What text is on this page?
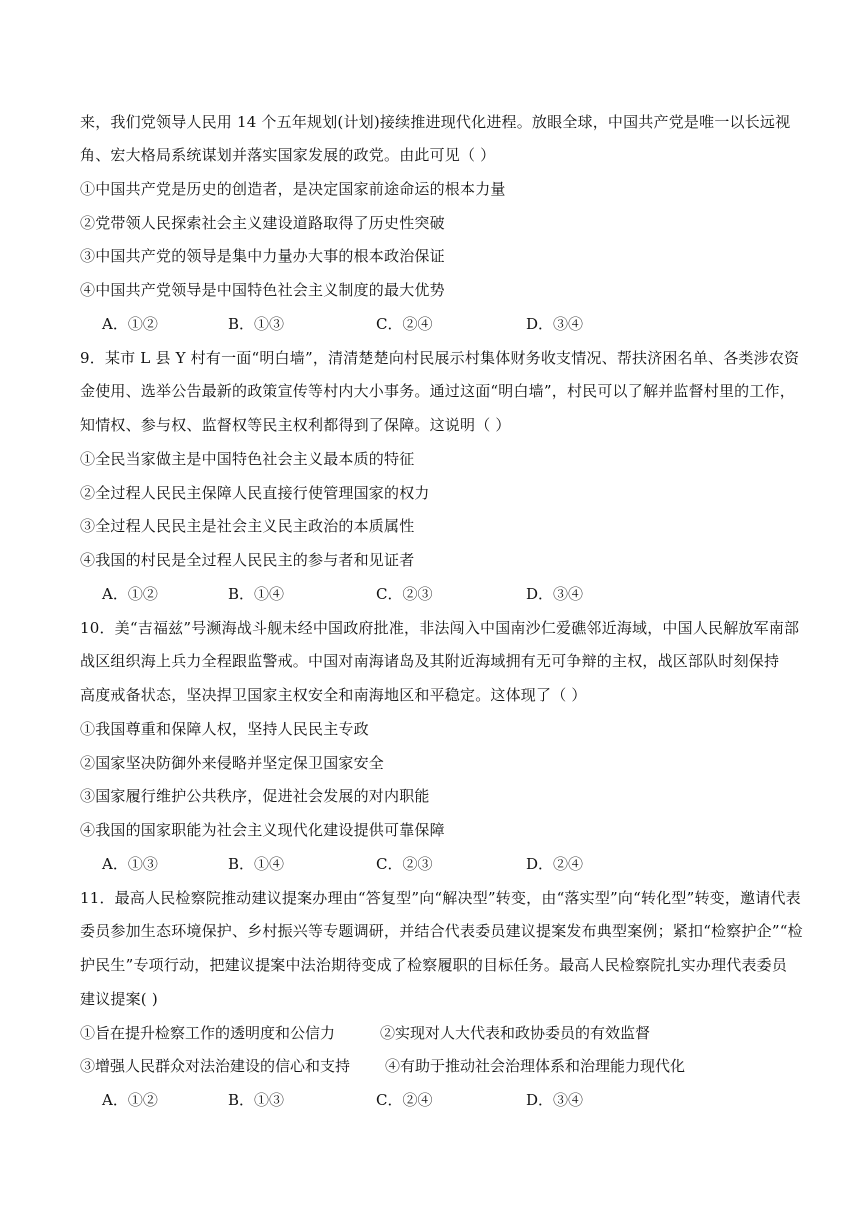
来，我们党领导人民用 14 个五年规划(计划)接续推进现代化进程。放眼全球，中国共产党是唯一以长远视
角、宏大格局系统谋划并落实国家发展的政党。由此可见（ ）
①中国共产党是历史的创造者，是决定国家前途命运的根本力量
②党带领人民探索社会主义建设道路取得了历史性突破
③中国共产党的领导是集中力量办大事的根本政治保证
④中国共产党领导是中国特色社会主义制度的最大优势
A．①②	B．①③	C．②④	D．③④
9．某市 L 县 Y 村有一面“明白墙”，清清楚楚向村民展示村集体财务收支情况、帮扶济困名单、各类涉农资
金使用、选举公告最新的政策宣传等村内大小事务。通过这面“明白墙”，村民可以了解并监督村里的工作，
知情权、参与权、监督权等民主权利都得到了保障。这说明（ ）
①全民当家做主是中国特色社会主义最本质的特征
②全过程人民民主保障人民直接行使管理国家的权力
③全过程人民民主是社会主义民主政治的本质属性
④我国的村民是全过程人民民主的参与者和见证者
A．①②	B．①④	C．②③	D．③④
10．美“吉福兹”号濒海战斗舰未经中国政府批准，非法闯入中国南沙仁爱礁邻近海域，中国人民解放军南部
战区组织海上兵力全程跟监警戒。中国对南海诸岛及其附近海域拥有无可争辩的主权，战区部队时刻保持
高度戒备状态，坚决捍卫国家主权安全和南海地区和平稳定。这体现了（ ）
①我国尊重和保障人权，坚持人民民主专政
②国家坚决防御外来侵略并坚定保卫国家安全
③国家履行维护公共秩序，促进社会发展的对内职能
④我国的国家职能为社会主义现代化建设提供可靠保障
A．①③	B．①④	C．②③	D．②④
11．最高人民检察院推动建议提案办理由“答复型”向“解决型”转变，由“落实型”向“转化型”转变，邀请代表
委员参加生态环境保护、乡村振兴等专题调研，并结合代表委员建议提案发布典型案例；紧扣“检察护企”“检
护民生”专项行动，把建议提案中法治期待变成了检察履职的目标任务。最高人民检察院扎实办理代表委员
建议提案( )
①旨在提升检察工作的透明度和公信力	②实现对人大代表和政协委员的有效监督
③增强人民群众对法治建设的信心和支持 ④有助于推动社会治理体系和治理能力现代化
A．①②	B．①③	C．②④	D．③④
